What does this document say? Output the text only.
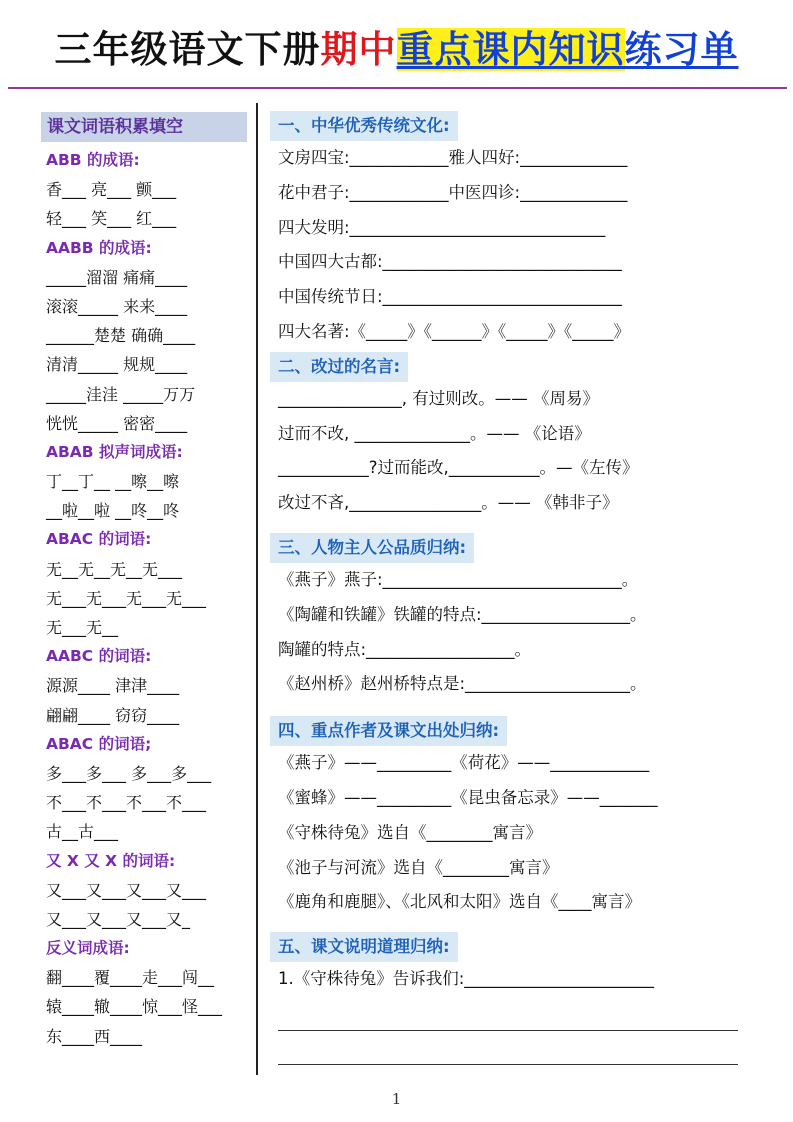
三年级语文下册期中重点课内知识练习单
课文词语积累填空
ABB 的成语:
香___ 亮___ 颤___
轻___ 笑___ 红___
AABB 的成语:
_____溜溜 痛痛____
滚滚_____ 来来____
______楚楚 确确____
清清_____ 规规____
_____洼洼 _____万万
恍恍_____ 密密____
ABAB 拟声词成语:
丁__丁__ __嚓__嚓
__啦__啦 __咚__咚
ABAC 的词语:
无__无__无__无___
无___无___无___无___
无___无__
AABC 的词语:
源源____ 津津____
翩翩____ 窃窃____
ABAC 的词语;
多___多___ 多___多___
不___不___不___不___
古__古___
又 X 又 X 的词语:
又___又___又___又___
又___又___又___又_
反义词成语:
翻____覆____走___闯__
辕____辙____惊___怪___
东____西____
一、中华优秀传统文化:
文房四宝:____________雅人四好:_____________
花中君子:____________中医四诊:_____________
四大发明:_______________________________
中国四大古都:_____________________________
中国传统节日:_____________________________
四大名著:《_____》《______》《_____》《_____》
二、改过的名言:
_______________, 有过则改。—— 《周易》
过而不改, ______________。—— 《论语》
___________?过而能改,___________。—《左传》
改过不吝,________________。—— 《韩非子》
三、人物主人公品质归纳:
《燕子》燕子:_____________________________。
《陶罐和铁罐》铁罐的特点:__________________。
陶罐的特点:__________________。
《赵州桥》赵州桥特点是:____________________。
四、重点作者及课文出处归纳:
《燕子》——_________《荷花》——____________
《蜜蜂》——_________《昆虫备忘录》——_______
《守株待兔》选自《________寓言》
《池子与河流》选自《________寓言》
《鹿角和鹿腿》、《北风和太阳》选自《____寓言》
五、课文说明道理归纳:
1.《守株待兔》告诉我们:_______________________
1
